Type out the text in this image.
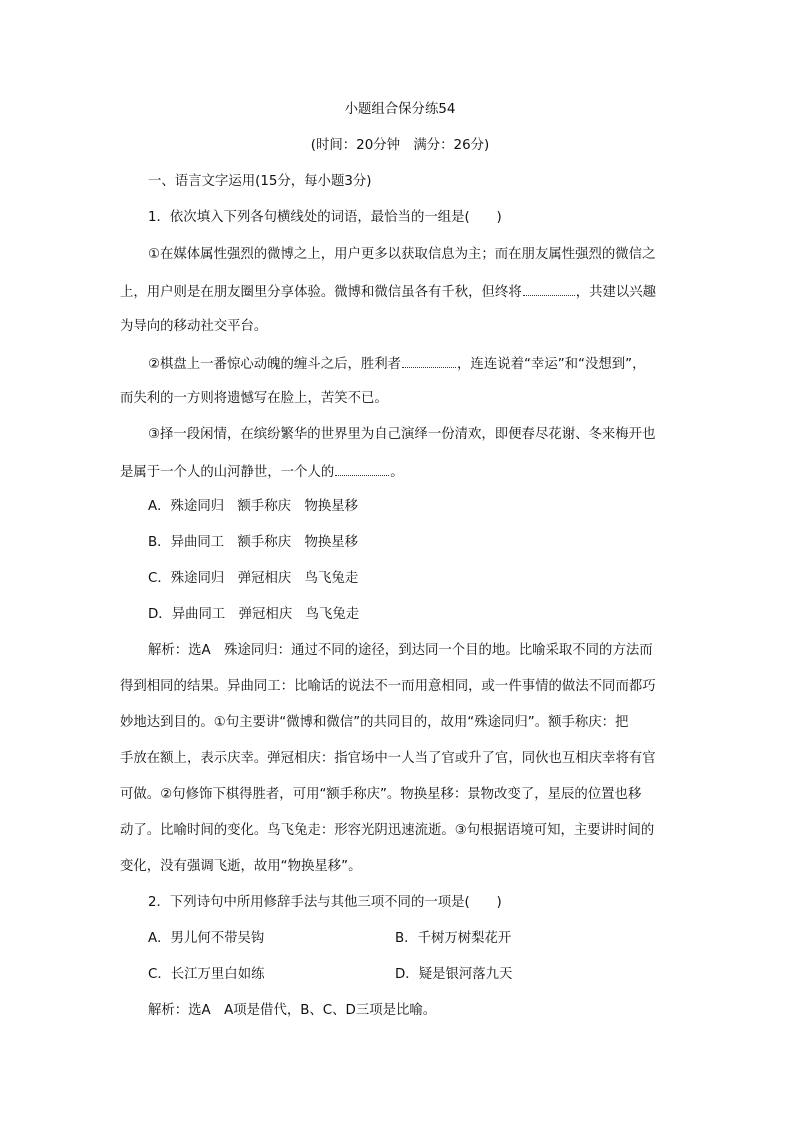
小题组合保分练54
(时间：20分钟　满分：26分)
一、语言文字运用(15分，每小题3分)
1．依次填入下列各句横线处的词语，最恰当的一组是(　　)
①在媒体属性强烈的微博之上，用户更多以获取信息为主；而在朋友属性强烈的微信之
上，用户则是在朋友圈里分享体验。微博和微信虽各有千秋，但终将	，共建以兴趣
为导向的移动社交平台。
②棋盘上一番惊心动魄的缠斗之后，胜利者	，连连说着“幸运”和“没想到”，
而失利的一方则将遗憾写在脸上，苦笑不已。
③择一段闲情，在缤纷繁华的世界里为自己演绎一份清欢，即便春尽花谢、冬来梅开也
是属于一个人的山河静世，一个人的	。
A．殊途同归　额手称庆　物换星移
B．异曲同工　额手称庆　物换星移
C．殊途同归　弹冠相庆　鸟飞兔走
D．异曲同工　弹冠相庆　鸟飞兔走
解析：选A　殊途同归：通过不同的途径，到达同一个目的地。比喻采取不同的方法而
得到相同的结果。异曲同工：比喻话的说法不一而用意相同，或一件事情的做法不同而都巧
妙地达到目的。①句主要讲“微博和微信”的共同目的，故用“殊途同归”。额手称庆：把
手放在额上，表示庆幸。弹冠相庆：指官场中一人当了官或升了官，同伙也互相庆幸将有官
可做。②句修饰下棋得胜者，可用“额手称庆”。物换星移：景物改变了，星辰的位置也移
动了。比喻时间的变化。鸟飞兔走：形容光阴迅速流逝。③句根据语境可知，主要讲时间的
变化，没有强调飞逝，故用“物换星移”。
2．下列诗句中所用修辞手法与其他三项不同的一项是(　　)
A．男儿何不带吴钩	B．千树万树梨花开
C．长江万里白如练	D．疑是银河落九天
解析：选A　A项是借代，B、C、D三项是比喻。
